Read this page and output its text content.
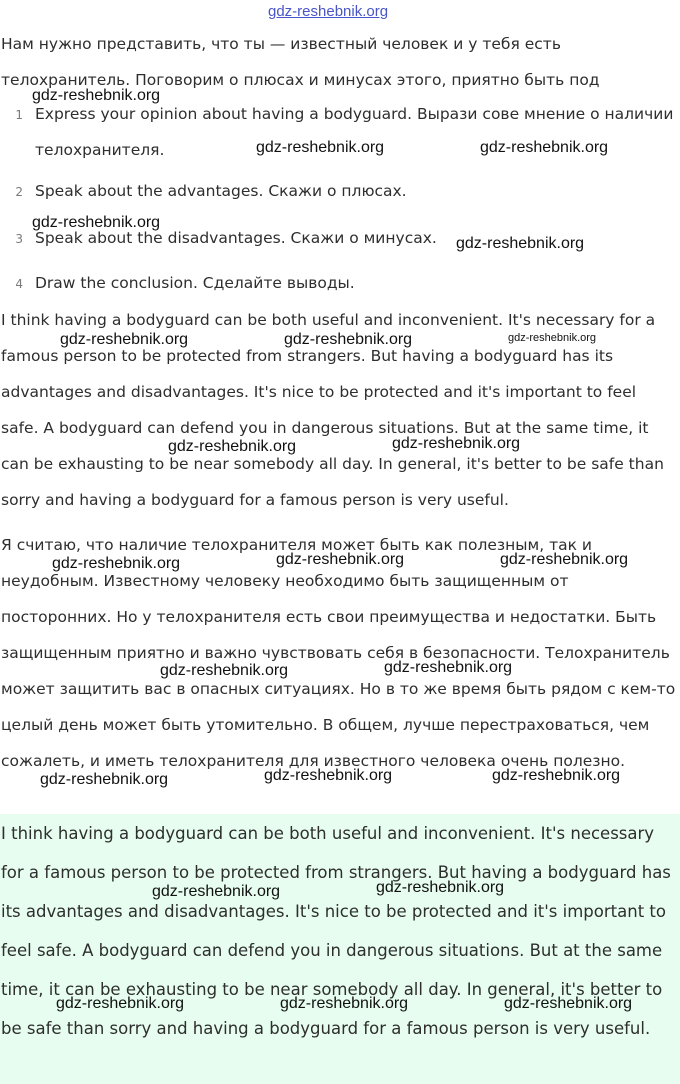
gdz-reshebnik.org

Нам нужно представить, что ты — известный человек и у тебя есть телохранитель. Поговорим о плюсах и минусах этого, приятно быть под

1 Express your opinion about having a bodyguard. Вырази сове мнение о наличии телохранителя.
2 Speak about the advantages. Скажи о плюсах.
3 Speak about the disadvantages. Скажи о минусах.
4 Draw the conclusion. Сделайте выводы.

I think having a bodyguard can be both useful and inconvenient. It's necessary for a famous person to be protected from strangers. But having a bodyguard has its advantages and disadvantages. It's nice to be protected and it's important to feel safe. A bodyguard can defend you in dangerous situations. But at the same time, it can be exhausting to be near somebody all day. In general, it's better to be safe than sorry and having a bodyguard for a famous person is very useful.

Я считаю, что наличие телохранителя может быть как полезным, так и неудобным. Известному человеку необходимо быть защищенным от посторонних. Но у телохранителя есть свои преимущества и недостатки. Быть защищенным приятно и важно чувствовать себя в безопасности. Телохранитель может защитить вас в опасных ситуациях. Но в то же время быть рядом с кем-то целый день может быть утомительно. В общем, лучше перестраховаться, чем сожалеть, и иметь телохранителя для известного человека очень полезно.

I think having a bodyguard can be both useful and inconvenient. It's necessary for a famous person to be protected from strangers. But having a bodyguard has its advantages and disadvantages. It's nice to be protected and it's important to feel safe. A bodyguard can defend you in dangerous situations. But at the same time, it can be exhausting to be near somebody all day. In general, it's better to be safe than sorry and having a bodyguard for a famous person is very useful.

gdz-reshebnik.org
gdz-reshebnik.org	gdz-reshebnik.org
gdz-reshebnik.org
gdz-reshebnik.org
gdz-reshebnik.org	gdz-reshebnik.org	gdz-reshebnik.org
gdz-reshebnik.org	gdz-reshebnik.org
gdz-reshebnik.org	gdz-reshebnik.org	gdz-reshebnik.org
gdz-reshebnik.org	gdz-reshebnik.org
gdz-reshebnik.org	gdz-reshebnik.org	gdz-reshebnik.org
gdz-reshebnik.org	gdz-reshebnik.org
gdz-reshebnik.org	gdz-reshebnik.org	gdz-reshebnik.org
